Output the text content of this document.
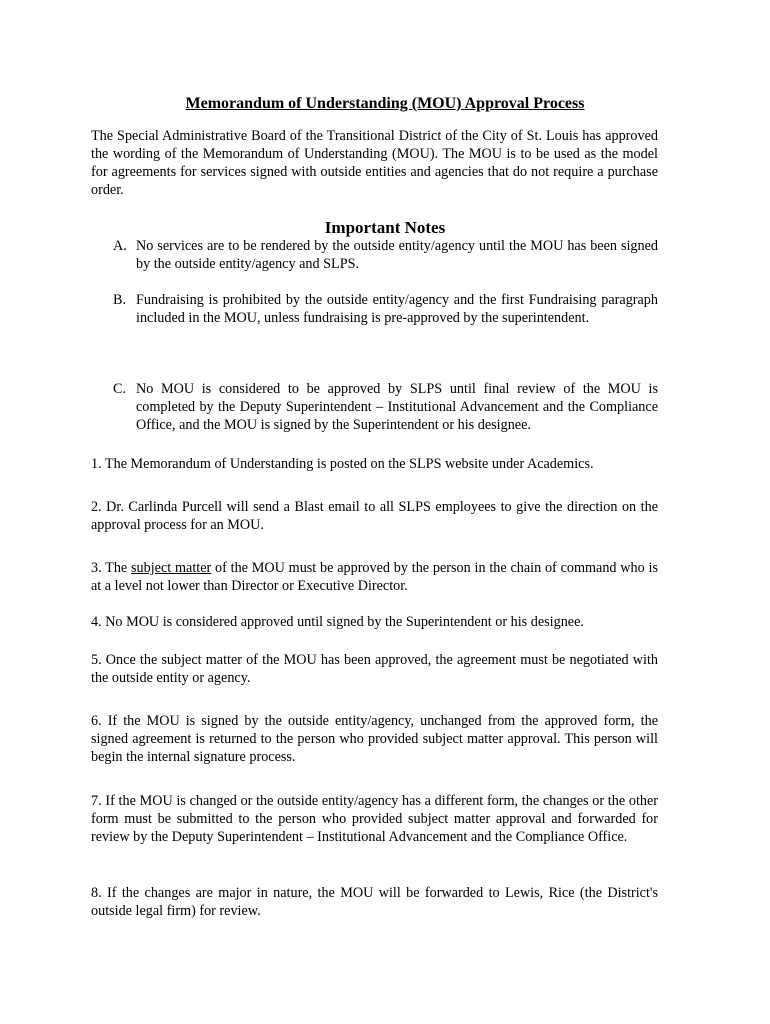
Memorandum of Understanding (MOU) Approval Process

The Special Administrative Board of the Transitional District of the City of St. Louis has approved the wording of the Memorandum of Understanding (MOU). The MOU is to be used as the model for agreements for services signed with outside entities and agencies that do not require a purchase order.

Important Notes
A. No services are to be rendered by the outside entity/agency until the MOU has been signed by the outside entity/agency and SLPS.
B. Fundraising is prohibited by the outside entity/agency and the first Fundraising paragraph included in the MOU, unless fundraising is pre-approved by the superintendent.
C. No MOU is considered to be approved by SLPS until final review of the MOU is completed by the Deputy Superintendent – Institutional Advancement and the Compliance Office, and the MOU is signed by the Superintendent or his designee.

1. The Memorandum of Understanding is posted on the SLPS website under Academics.

2. Dr. Carlinda Purcell will send a Blast email to all SLPS employees to give the direction on the approval process for an MOU.

3. The subject matter of the MOU must be approved by the person in the chain of command who is at a level not lower than Director or Executive Director.

4. No MOU is considered approved until signed by the Superintendent or his designee.

5. Once the subject matter of the MOU has been approved, the agreement must be negotiated with the outside entity or agency.

6. If the MOU is signed by the outside entity/agency, unchanged from the approved form, the signed agreement is returned to the person who provided subject matter approval. This person will begin the internal signature process.

7. If the MOU is changed or the outside entity/agency has a different form, the changes or the other form must be submitted to the person who provided subject matter approval and forwarded for review by the Deputy Superintendent – Institutional Advancement and the Compliance Office.

8. If the changes are major in nature, the MOU will be forwarded to Lewis, Rice (the District's outside legal firm) for review.
